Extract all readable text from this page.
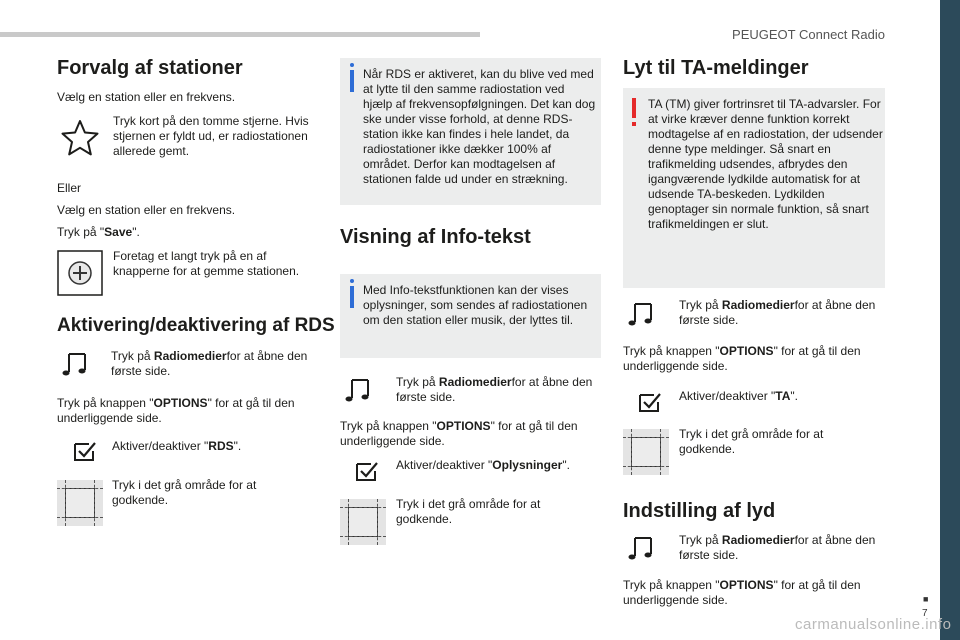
PEUGEOT Connect Radio
■
7
carmanualsonline.info
Forvalg af stationer

Vælg en station eller en frekvens.

Tryk kort på den tomme stjerne. Hvis stjernen er fyldt ud, er radiostationen allerede gemt.

Eller

Vælg en station eller en frekvens.

Tryk på "Save".

Foretag et langt tryk på en af knapperne for at gemme stationen.

Aktivering/deaktivering af RDS

Tryk på Radiomedierfor at åbne den første side.

Tryk på knappen "OPTIONS" for at gå til den underliggende side.

Aktiver/deaktiver "RDS".

Tryk i det grå område for at godkende.

Når RDS er aktiveret, kan du blive ved med at lytte til den samme radiostation ved hjælp af frekvensopfølgningen. Det kan dog ske under visse forhold, at denne RDS-station ikke kan findes i hele landet, da radiostationer ikke dækker 100% af området. Derfor kan modtagelsen af stationen falde ud under en strækning.

Visning af Info-tekst

Med Info-tekstfunktionen kan der vises oplysninger, som sendes af radiostationen om den station eller musik, der lyttes til.

Tryk på Radiomedierfor at åbne den første side.

Tryk på knappen "OPTIONS" for at gå til den underliggende side.

Aktiver/deaktiver "Oplysninger".

Tryk i det grå område for at godkende.

Lyt til TA-meldinger

TA (TM) giver fortrinsret til TA-advarsler. For at virke kræver denne funktion korrekt modtagelse af en radiostation, der udsender denne type meldinger. Så snart en trafikmelding udsendes, afbrydes den igangværende lydkilde automatisk for at udsende TA-beskeden. Lydkilden genoptager sin normale funktion, så snart trafikmeldingen er slut.

Tryk på Radiomedierfor at åbne den første side.

Tryk på knappen "OPTIONS" for at gå til den underliggende side.

Aktiver/deaktiver "TA".

Tryk i det grå område for at godkende.

Indstilling af lyd

Tryk på Radiomedierfor at åbne den første side.

Tryk på knappen "OPTIONS" for at gå til den underliggende side.
